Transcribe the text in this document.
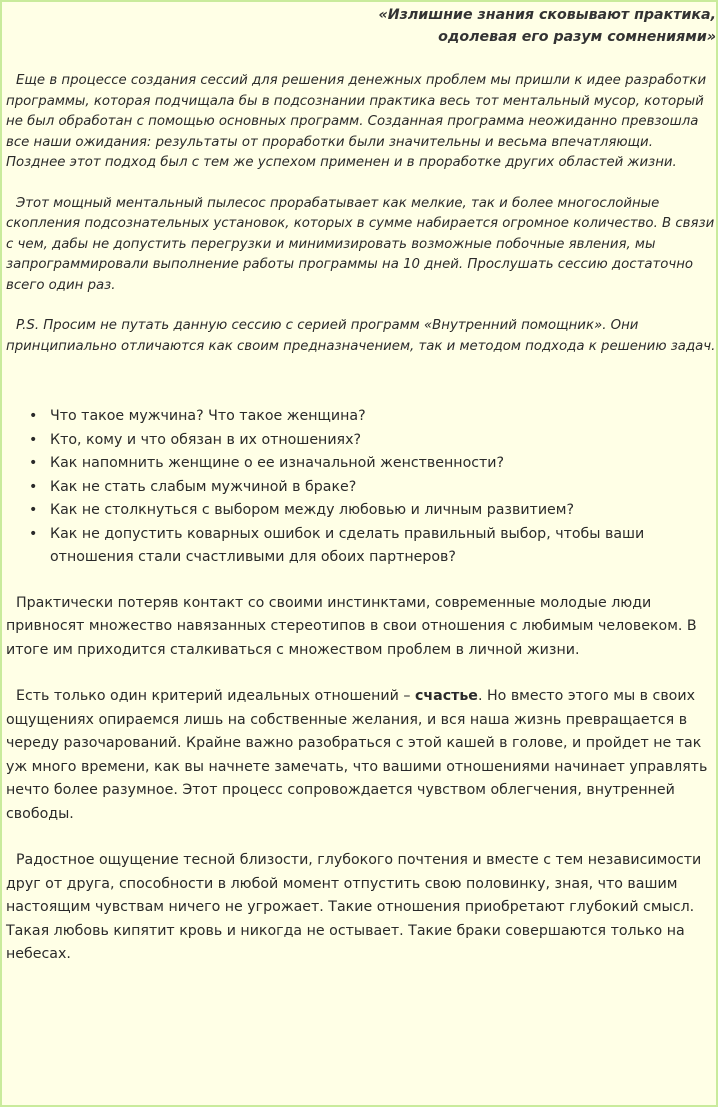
«Излишние знания сковывают практика,
одолевая его разум сомнениями»

Еще в процессе создания сессий для решения денежных проблем мы пришли к идее разработки программы, которая подчищала бы в подсознании практика весь тот ментальный мусор, который не был обработан с помощью основных программ. Созданная программа неожиданно превзошла все наши ожидания: результаты от проработки были значительны и весьма впечатляющи. Позднее этот подход был с тем же успехом применен и в проработке других областей жизни.

Этот мощный ментальный пылесос прорабатывает как мелкие, так и более многослойные скопления подсознательных установок, которых в сумме набирается огромное количество. В связи с чем, дабы не допустить перегрузки и минимизировать возможные побочные явления, мы запрограммировали выполнение работы программы на 10 дней. Прослушать сессию достаточно всего один раз.

P.S. Просим не путать данную сессию с серией программ «Внутренний помощник». Они принципиально отличаются как своим предназначением, так и методом подхода к решению задач.

• Что такое мужчина? Что такое женщина?
• Кто, кому и что обязан в их отношениях?
• Как напомнить женщине о ее изначальной женственности?
• Как не стать слабым мужчиной в браке?
• Как не столкнуться с выбором между любовью и личным развитием?
• Как не допустить коварных ошибок и сделать правильный выбор, чтобы ваши отношения стали счастливыми для обоих партнеров?

Практически потеряв контакт со своими инстинктами, современные молодые люди привносят множество навязанных стереотипов в свои отношения с любимым человеком. В итоге им приходится сталкиваться с множеством проблем в личной жизни.

Есть только один критерий идеальных отношений – счастье. Но вместо этого мы в своих ощущениях опираемся лишь на собственные желания, и вся наша жизнь превращается в череду разочарований. Крайне важно разобраться с этой кашей в голове, и пройдет не так уж много времени, как вы начнете замечать, что вашими отношениями начинает управлять нечто более разумное. Этот процесс сопровождается чувством облегчения, внутренней свободы.

Радостное ощущение тесной близости, глубокого почтения и вместе с тем независимости друг от друга, способности в любой момент отпустить свою половинку, зная, что вашим настоящим чувствам ничего не угрожает. Такие отношения приобретают глубокий смысл. Такая любовь кипятит кровь и никогда не остывает. Такие браки совершаются только на небесах.
